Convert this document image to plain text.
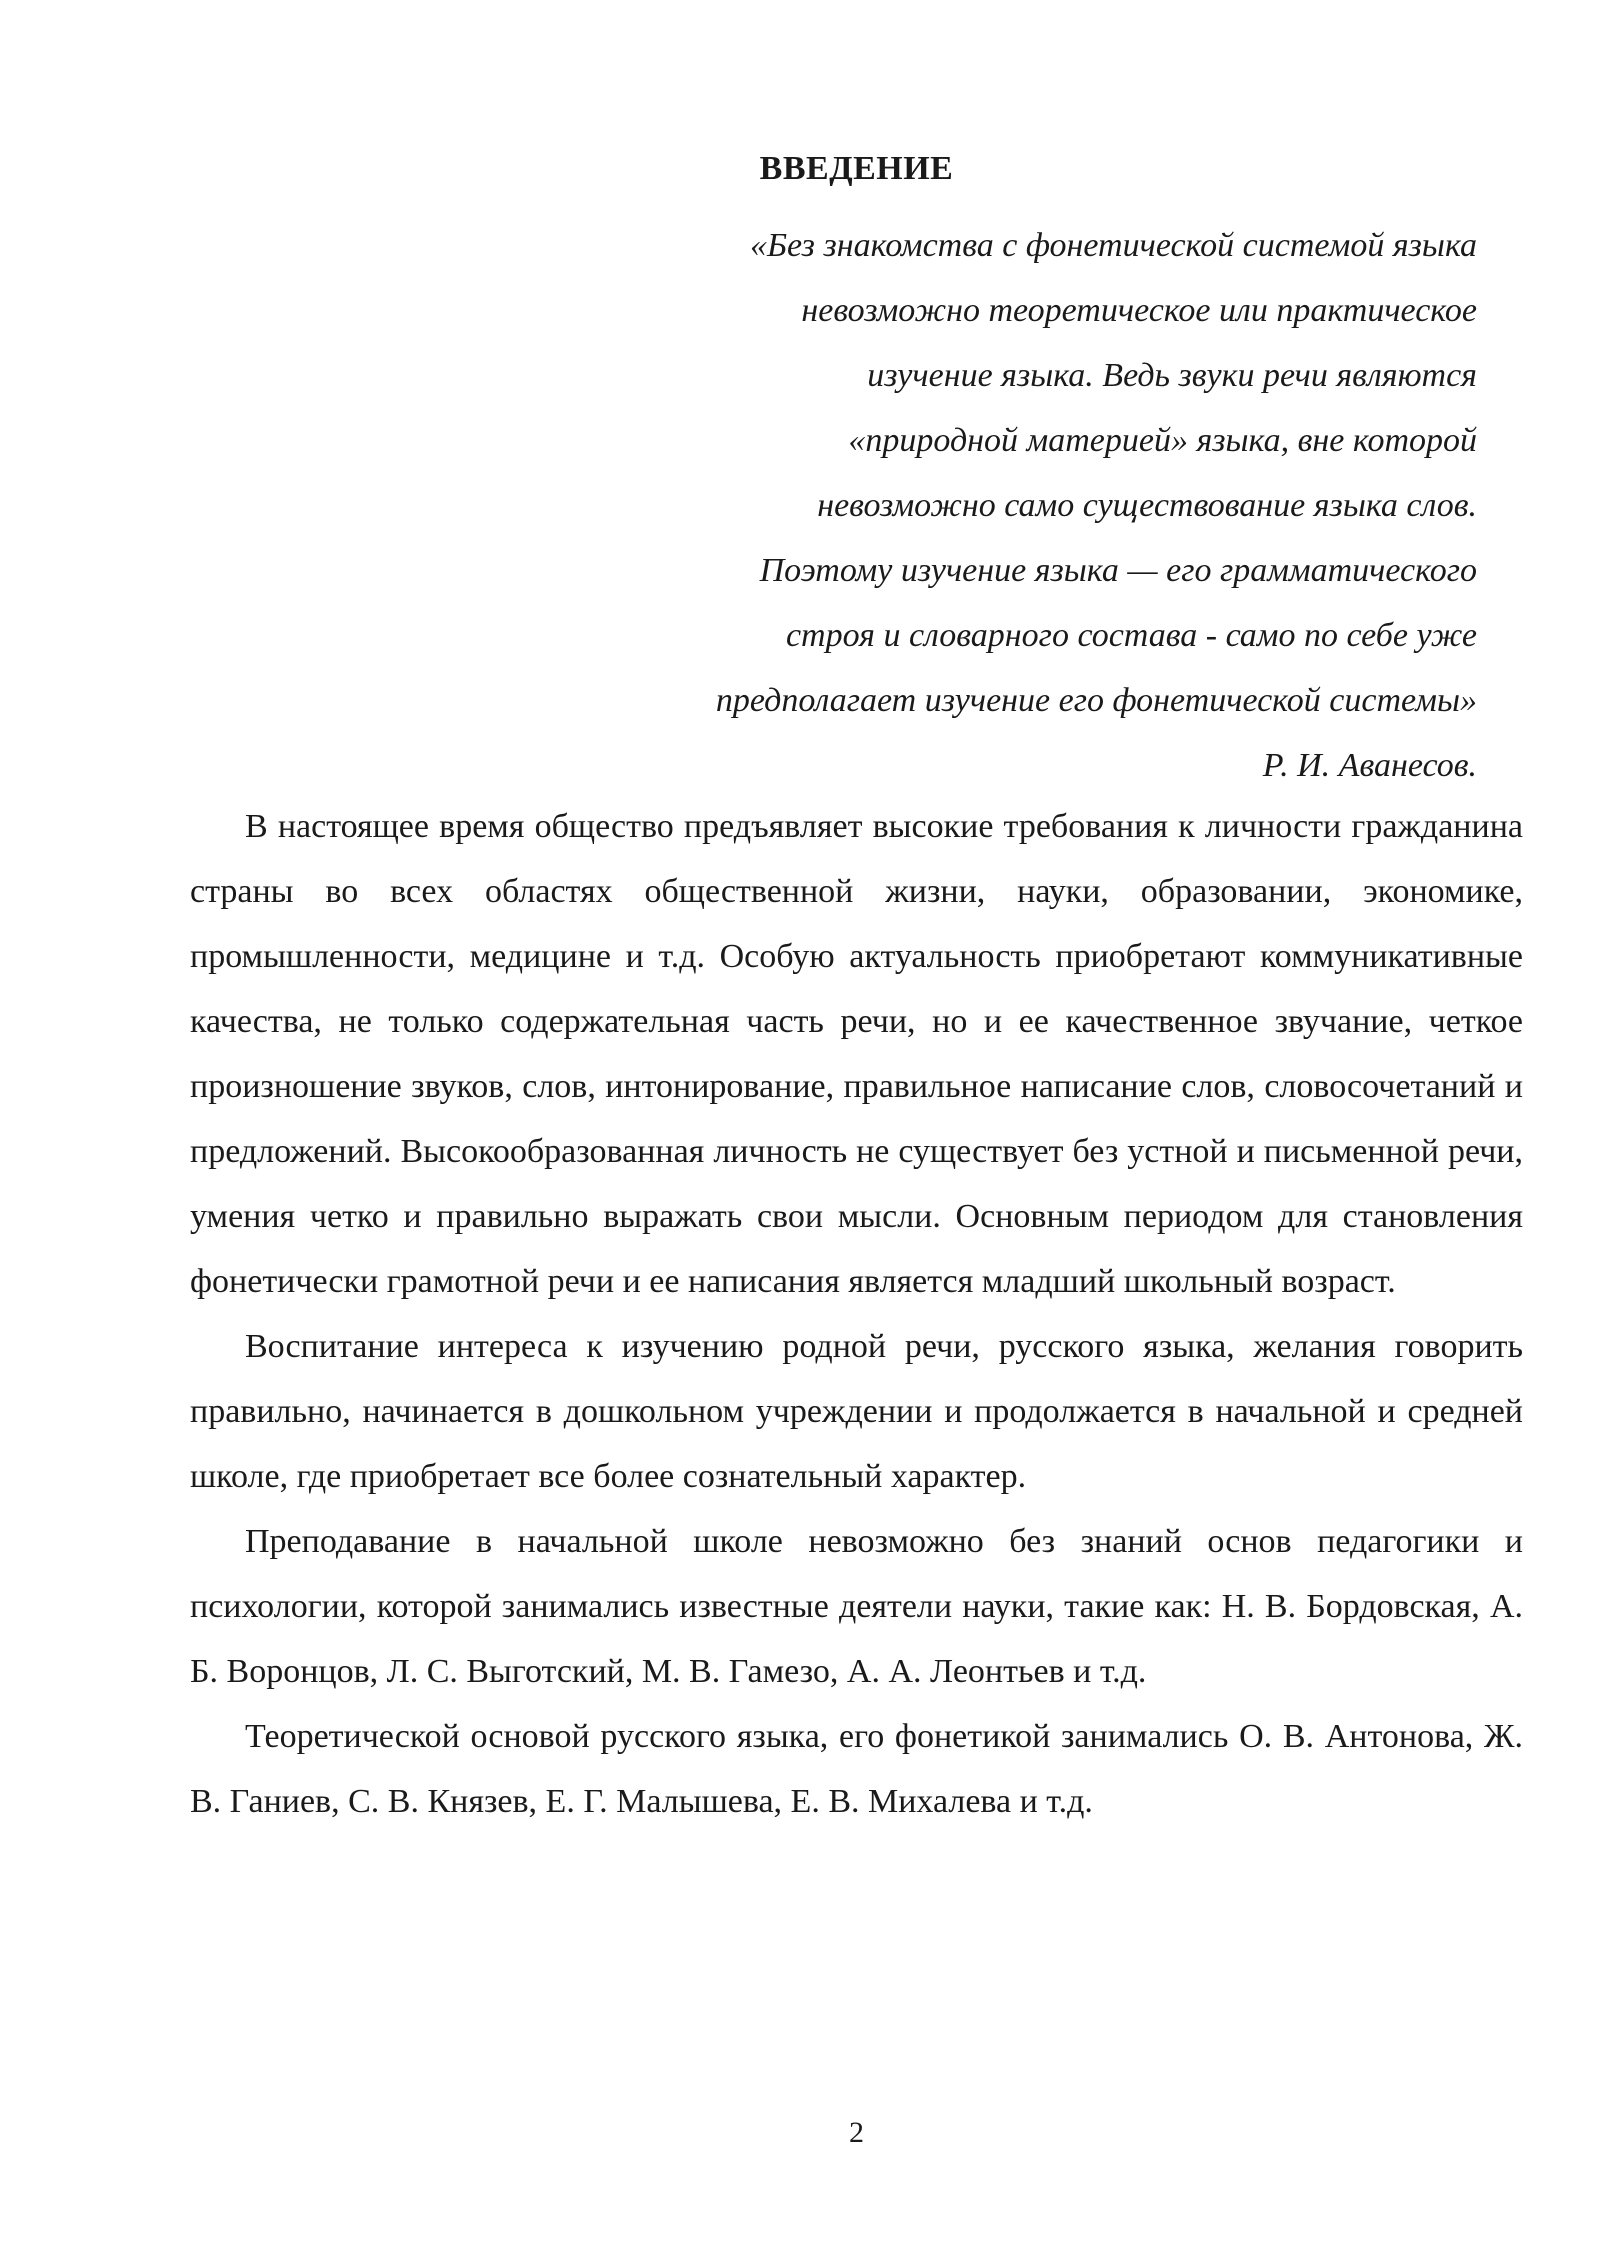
ВВЕДЕНИЕ
«Без знакомства с фонетической системой языка
невозможно теоретическое или практическое
изучение языка. Ведь звуки речи являются
«природной материей» языка, вне которой
невозможно само существование языка слов.
Поэтому изучение языка — его грамматического
строя и словарного состава - само по себе уже
предполагает изучение его фонетической системы»
Р. И. Аванесов.

В настоящее время общество предъявляет высокие требования к личности гражданина страны во всех областях общественной жизни, науки, образовании, экономике, промышленности, медицине и т.д. Особую актуальность приобретают коммуникативные качества, не только содержательная часть речи, но и ее качественное звучание, четкое произношение звуков, слов, интонирование, правильное написание слов, словосочетаний и предложений. Высокообразованная личность не существует без устной и письменной речи, умения четко и правильно выражать свои мысли. Основным периодом для становления фонетически грамотной речи и ее написания является младший школьный возраст.

Воспитание интереса к изучению родной речи, русского языка, желания говорить правильно, начинается в дошкольном учреждении и продолжается в начальной и средней школе, где приобретает все более сознательный характер.

Преподавание в начальной школе невозможно без знаний основ педагогики и психологии, которой занимались известные деятели науки, такие как: Н. В. Бордовская, А. Б. Воронцов, Л. С. Выготский, М. В. Гамезо, А. А. Леонтьев и т.д.

Теоретической основой русского языка, его фонетикой занимались О. В. Антонова, Ж. В. Ганиев, С. В. Князев, Е. Г. Малышева, Е. В. Михалева и т.д.

2
